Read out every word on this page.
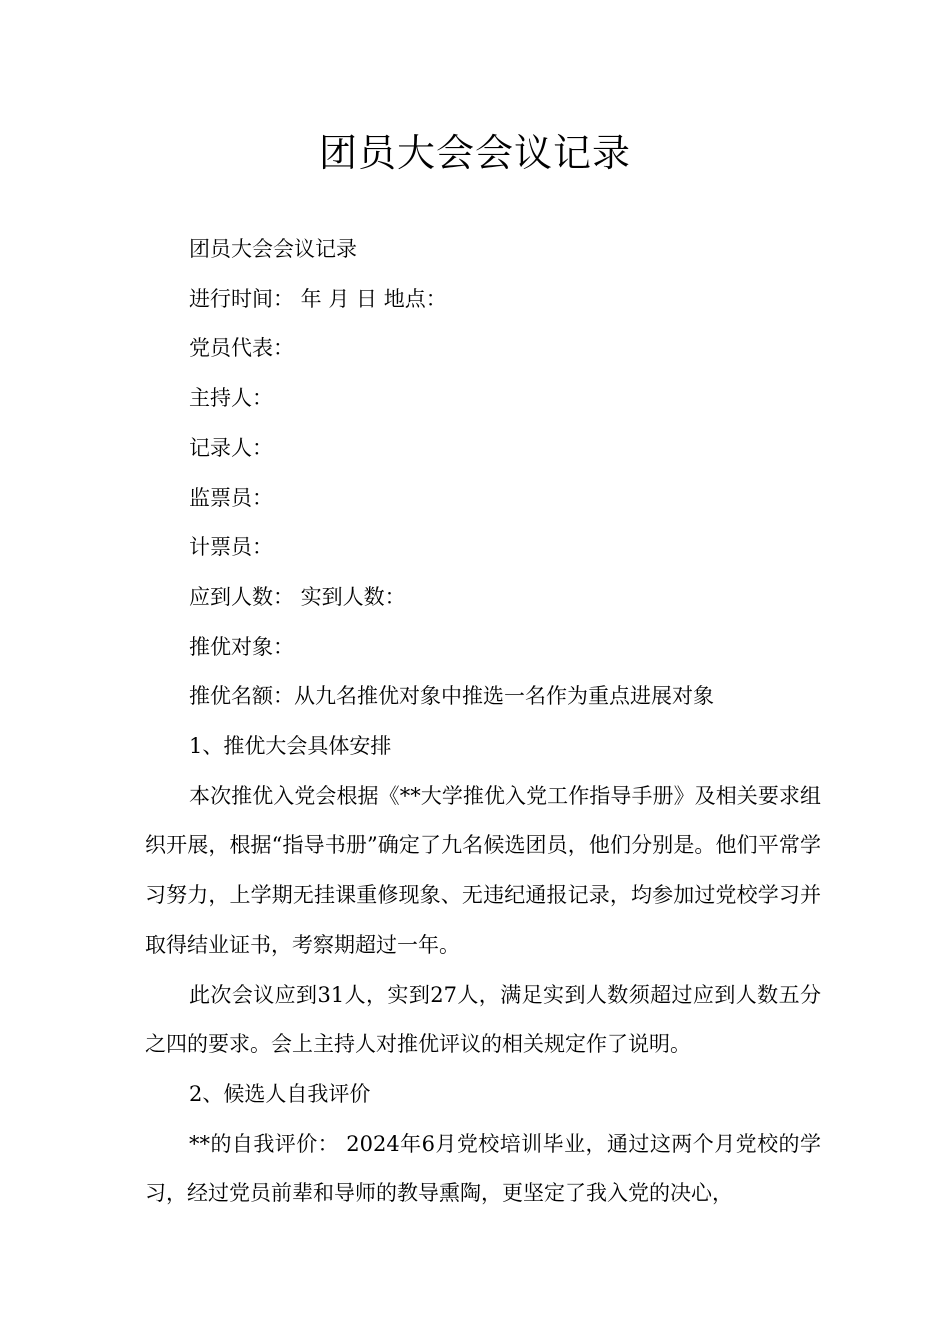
团员大会会议记录

团员大会会议记录

进行时间： 年 月 日 地点：

党员代表：

主持人：

记录人：

监票员：

计票员：

应到人数： 实到人数：

推优对象：

推优名额：从九名推优对象中推选一名作为重点进展对象

1、推优大会具体安排

本次推优入党会根据《**大学推优入党工作指导手册》及相关要求组织开展，根据“指导书册”确定了九名候选团员，他们分别是。他们平常学习努力，上学期无挂课重修现象、无违纪通报记录，均参加过党校学习并取得结业证书，考察期超过一年。

此次会议应到31人，实到27人，满足实到人数须超过应到人数五分之四的要求。会上主持人对推优评议的相关规定作了说明。

2、候选人自我评价

**的自我评价： 2024年6月党校培训毕业，通过这两个月党校的学习，经过党员前辈和导师的教导熏陶，更坚定了我入党的决心，
